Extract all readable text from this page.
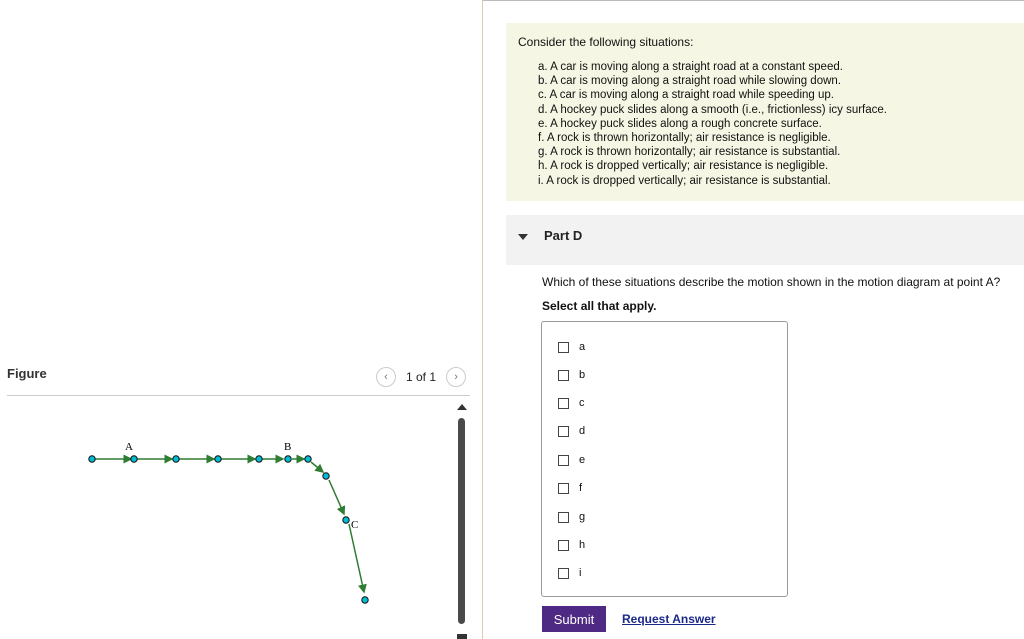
Figure	‹ 1 of 1 ›
A	B
C
Consider the following situations:
a. A car is moving along a straight road at a constant speed.
b. A car is moving along a straight road while slowing down.
c. A car is moving along a straight road while speeding up.
d. A hockey puck slides along a smooth (i.e., frictionless) icy surface.
e. A hockey puck slides along a rough concrete surface.
f. A rock is thrown horizontally; air resistance is negligible.
g. A rock is thrown horizontally; air resistance is substantial.
h. A rock is dropped vertically; air resistance is negligible.
i. A rock is dropped vertically; air resistance is substantial.
Part D
Which of these situations describe the motion shown in the motion diagram at point A?
Select all that apply.
a
b
c
d
e
f
g
h
i
Submit	Request Answer
